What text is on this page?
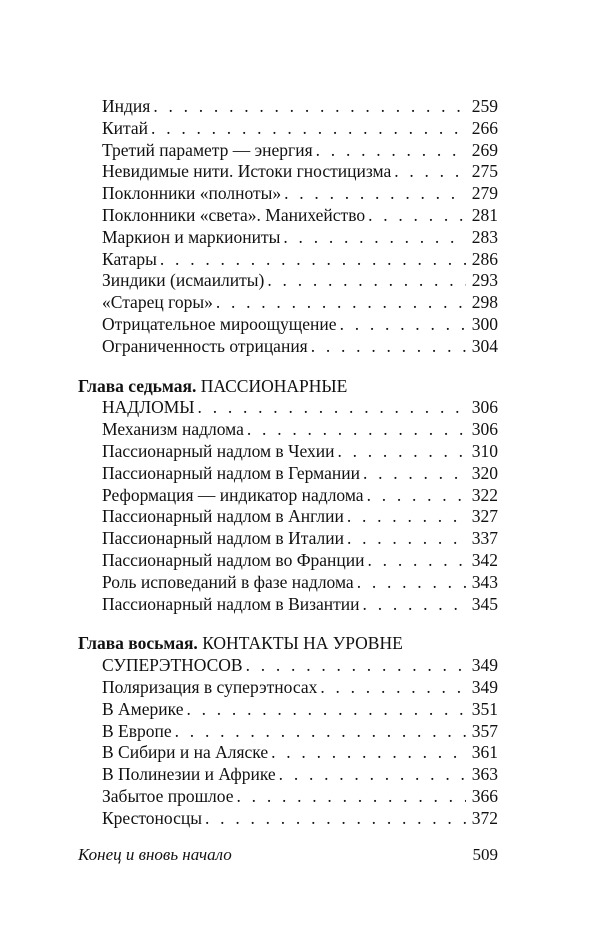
Индия . . .	259
Китай . . .	266
Третий параметр — энергия . . .	269
Невидимые нити. Истоки гностицизма . . .	275
Поклонники «полноты» . . .	279
Поклонники «света». Манихейство . . .	281
Маркион и маркиониты . . .	283
Катары . . .	286
Зиндики (исмаилиты) . . .	293
«Старец горы» . . .	298
Отрицательное мироощущение . . .	300
Ограниченность отрицания . . .	304
Глава седьмая. ПАССИОНАРНЫЕ
НАДЛОМЫ . . .	306
Механизм надлома . . .	306
Пассионарный надлом в Чехии . . .	310
Пассионарный надлом в Германии . . .	320
Реформация — индикатор надлома . . .	322
Пассионарный надлом в Англии . . .	327
Пассионарный надлом в Италии . . .	337
Пассионарный надлом во Франции . . .	342
Роль исповеданий в фазе надлома . . .	343
Пассионарный надлом в Византии . . .	345
Глава восьмая. КОНТАКТЫ НА УРОВНЕ
СУПЕРЭТНОСОВ . . .	349
Поляризация в суперэтносах . . .	349
В Америке . . .	351
В Европе . . .	357
В Сибири и на Аляске . . .	361
В Полинезии и Африке . . .	363
Забытое прошлое . . .	366
Крестоносцы . . .	372
Конец и вновь начало	509
